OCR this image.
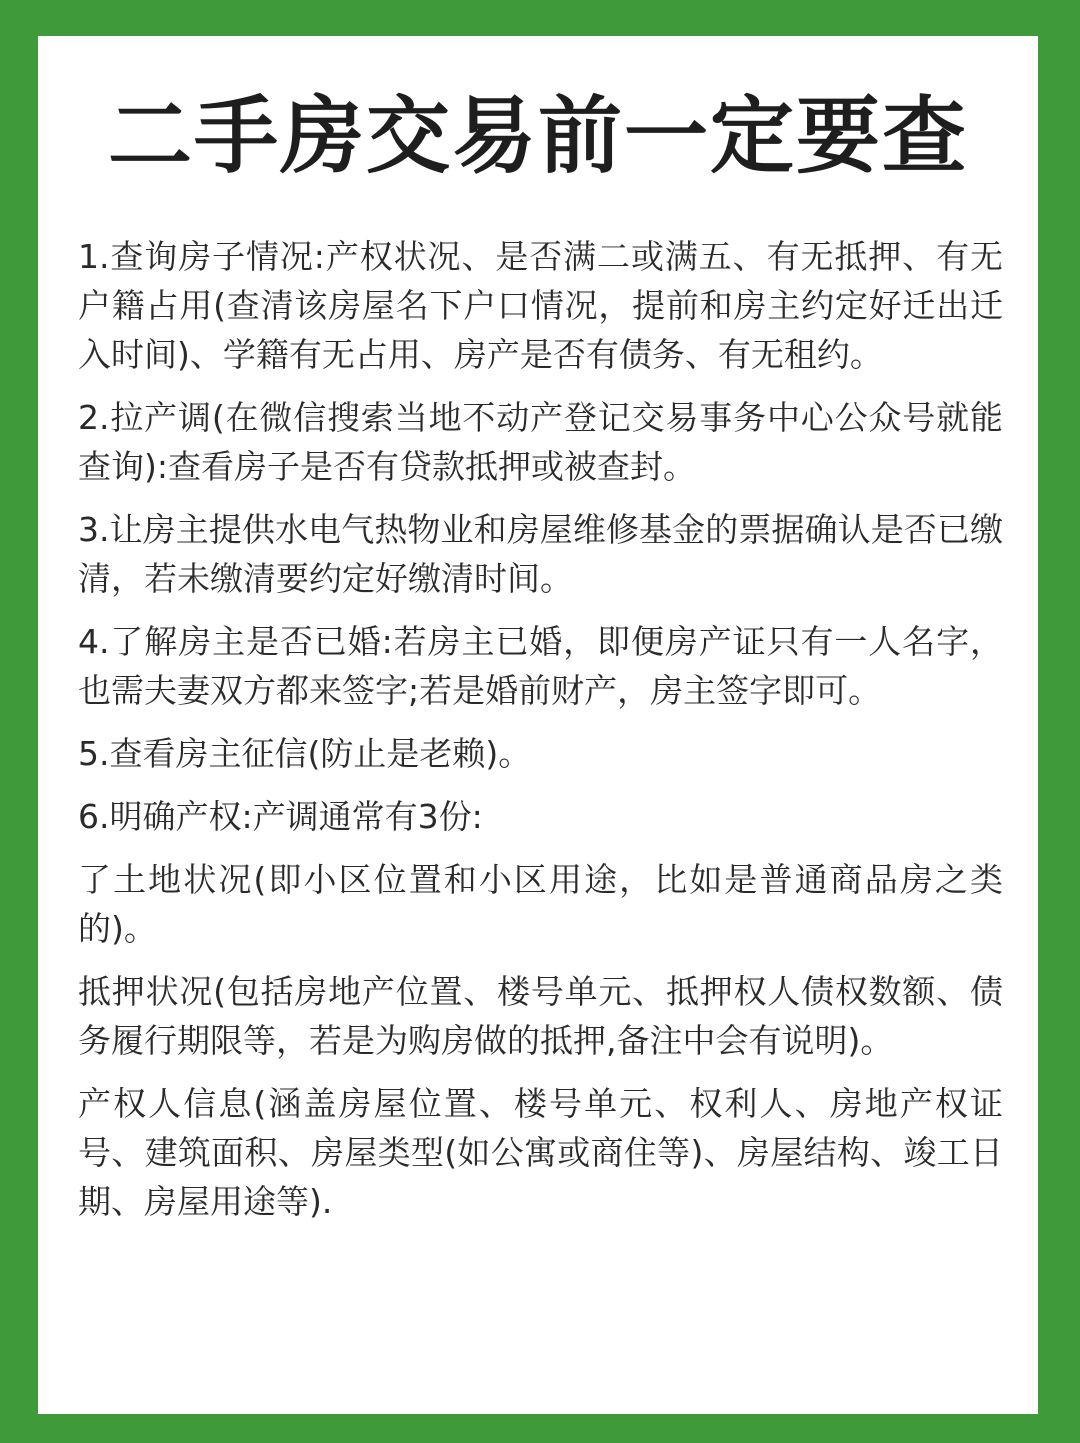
二手房交易前一定要查

1.查询房子情况:产权状况、是否满二或满五、有无抵押、有无户籍占用(查清该房屋名下户口情况，提前和房主约定好迁出迁入时间)、学籍有无占用、房产是否有债务、有无租约。

2.拉产调(在微信搜索当地不动产登记交易事务中心公众号就能查询):查看房子是否有贷款抵押或被查封。

3.让房主提供水电气热物业和房屋维修基金的票据确认是否已缴清，若未缴清要约定好缴清时间。

4.了解房主是否已婚:若房主已婚，即便房产证只有一人名字，也需夫妻双方都来签字;若是婚前财产，房主签字即可。

5.查看房主征信(防止是老赖)。

6.明确产权:产调通常有3份:

了土地状况(即小区位置和小区用途，比如是普通商品房之类的)。

抵押状况(包括房地产位置、楼号单元、抵押权人债权数额、债务履行期限等，若是为购房做的抵押,备注中会有说明)。

产权人信息(涵盖房屋位置、楼号单元、权利人、房地产权证号、建筑面积、房屋类型(如公寓或商住等)、房屋结构、竣工日期、房屋用途等).
